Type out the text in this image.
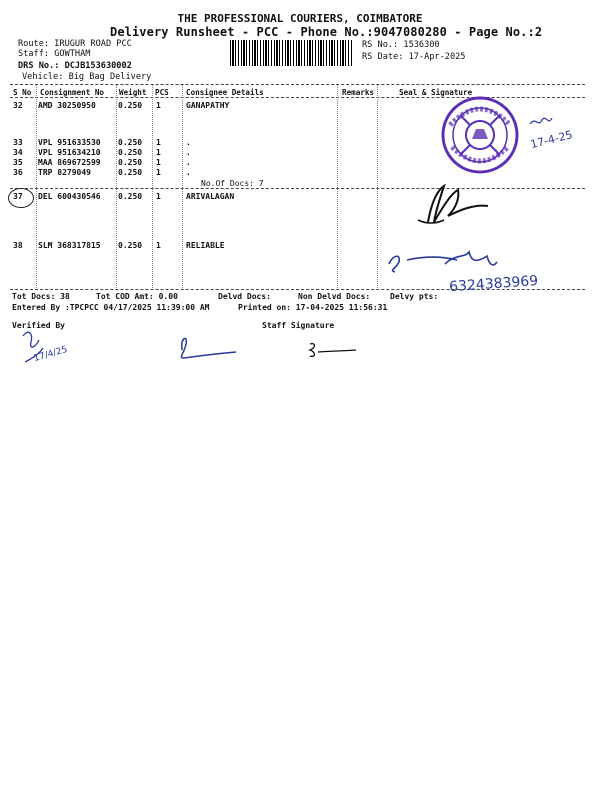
THE PROFESSIONAL COURIERS, COIMBATORE
Delivery Runsheet - PCC - Phone No.:9047080280 - Page No.:2
Route: IRUGUR ROAD PCC
Staff: GOWTHAM
DRS No.: DCJB153630002
Vehicle: Big Bag Delivery
RS No.: 1536300
RS Date: 17-Apr-2025
S No Consignment No Weight PCS Consignee Details	Remarks	Seal & Signature
32 AMD 30250950	0.250 1	GANAPATHY
33 VPL 951633530 0.250 1	.
34 VPL 951634210 0.250 1	.
35 MAA 869672599 0.250 1	.
36 TRP 8279049	0.250 1	.
No.Of Docs: 7
37 DEL 600430546 0.250 1	ARIVALAGAN
38 SLM 368317815 0.250 1	RELIABLE
Tot Docs: 38	Tot COD Amt: 0.00	Delvd Docs:	Non Delvd Docs: Delvy pts:
Entered By :TPCPCC 04/17/2025 11:39:00 AM	Printed on: 17-04-2025 11:56:31
Verified By	Staff Signature
17-4-25
6324383969
17/4/25
